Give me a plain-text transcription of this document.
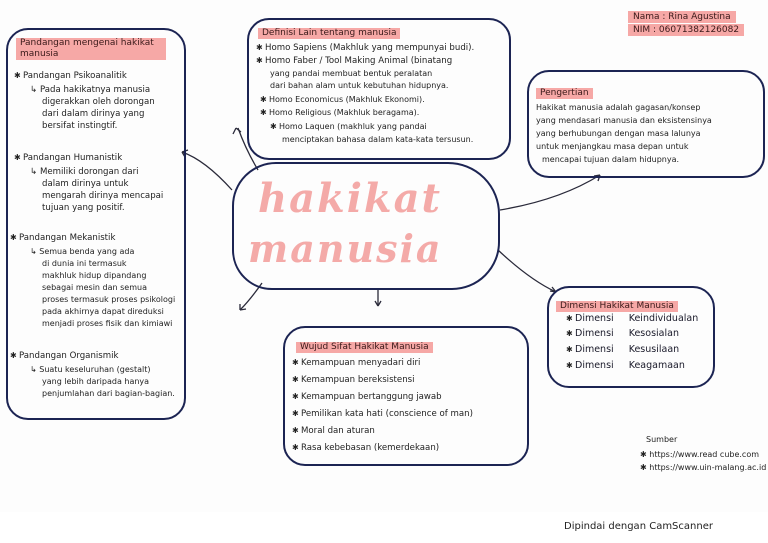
Nama : Rina Agustina
NIM : 06071382126082
Pandangan mengenai hakikat manusia
✱ Pandangan Psikoanalitik
↳ Pada hakikatnya manusia
digerakkan oleh dorongan
dari dalam dirinya yang
bersifat instingtif.
✱ Pandangan Humanistik
↳ Memiliki dorongan dari
dalam dirinya untuk
mengarah dirinya mencapai
tujuan yang positif.
✱ Pandangan Mekanistik
↳ Semua benda yang ada
di dunia ini termasuk
makhluk hidup dipandang
sebagai mesin dan semua
proses termasuk proses psikologi
pada akhirnya dapat direduksi
menjadi proses fisik dan kimiawi
✱ Pandangan Organismik
↳ Suatu keseluruhan (gestalt)
yang lebih daripada hanya
penjumlahan dari bagian-bagian.
Definisi Lain tentang manusia
✱ Homo Sapiens (Makhluk yang mempunyai budi).
✱ Homo Faber / Tool Making Animal (binatang
yang pandai membuat bentuk peralatan
dari bahan alam untuk kebutuhan hidupnya.
✱ Homo Economicus (Makhluk Ekonomi).
✱ Homo Religious (Makhluk beragama).
✱ Homo Laquen (makhluk yang pandai
menciptakan bahasa dalam kata-kata tersusun.
hakikat
manusia
Pengertian
Hakikat manusia adalah gagasan/konsep
yang mendasari manusia dan eksistensinya
yang berhubungan dengan masa lalunya
untuk menjangkau masa depan untuk
mencapai tujuan dalam hidupnya.
Dimensi Hakikat Manusia
✱ Dimensi Keindividualan
✱ Dimensi Kesosialan
✱ Dimensi Kesusilaan
✱ Dimensi Keagamaan
Wujud Sifat Hakikat Manusia
✱ Kemampuan menyadari diri
✱ Kemampuan bereksistensi
✱ Kemampuan bertanggung jawab
✱ Pemilikan kata hati (conscience of man)
✱ Moral dan aturan
✱ Rasa kebebasan (kemerdekaan)
Sumber
✱ https://www.read cube.com
✱ https://www.uin-malang.ac.id
Dipindai dengan CamScanner
